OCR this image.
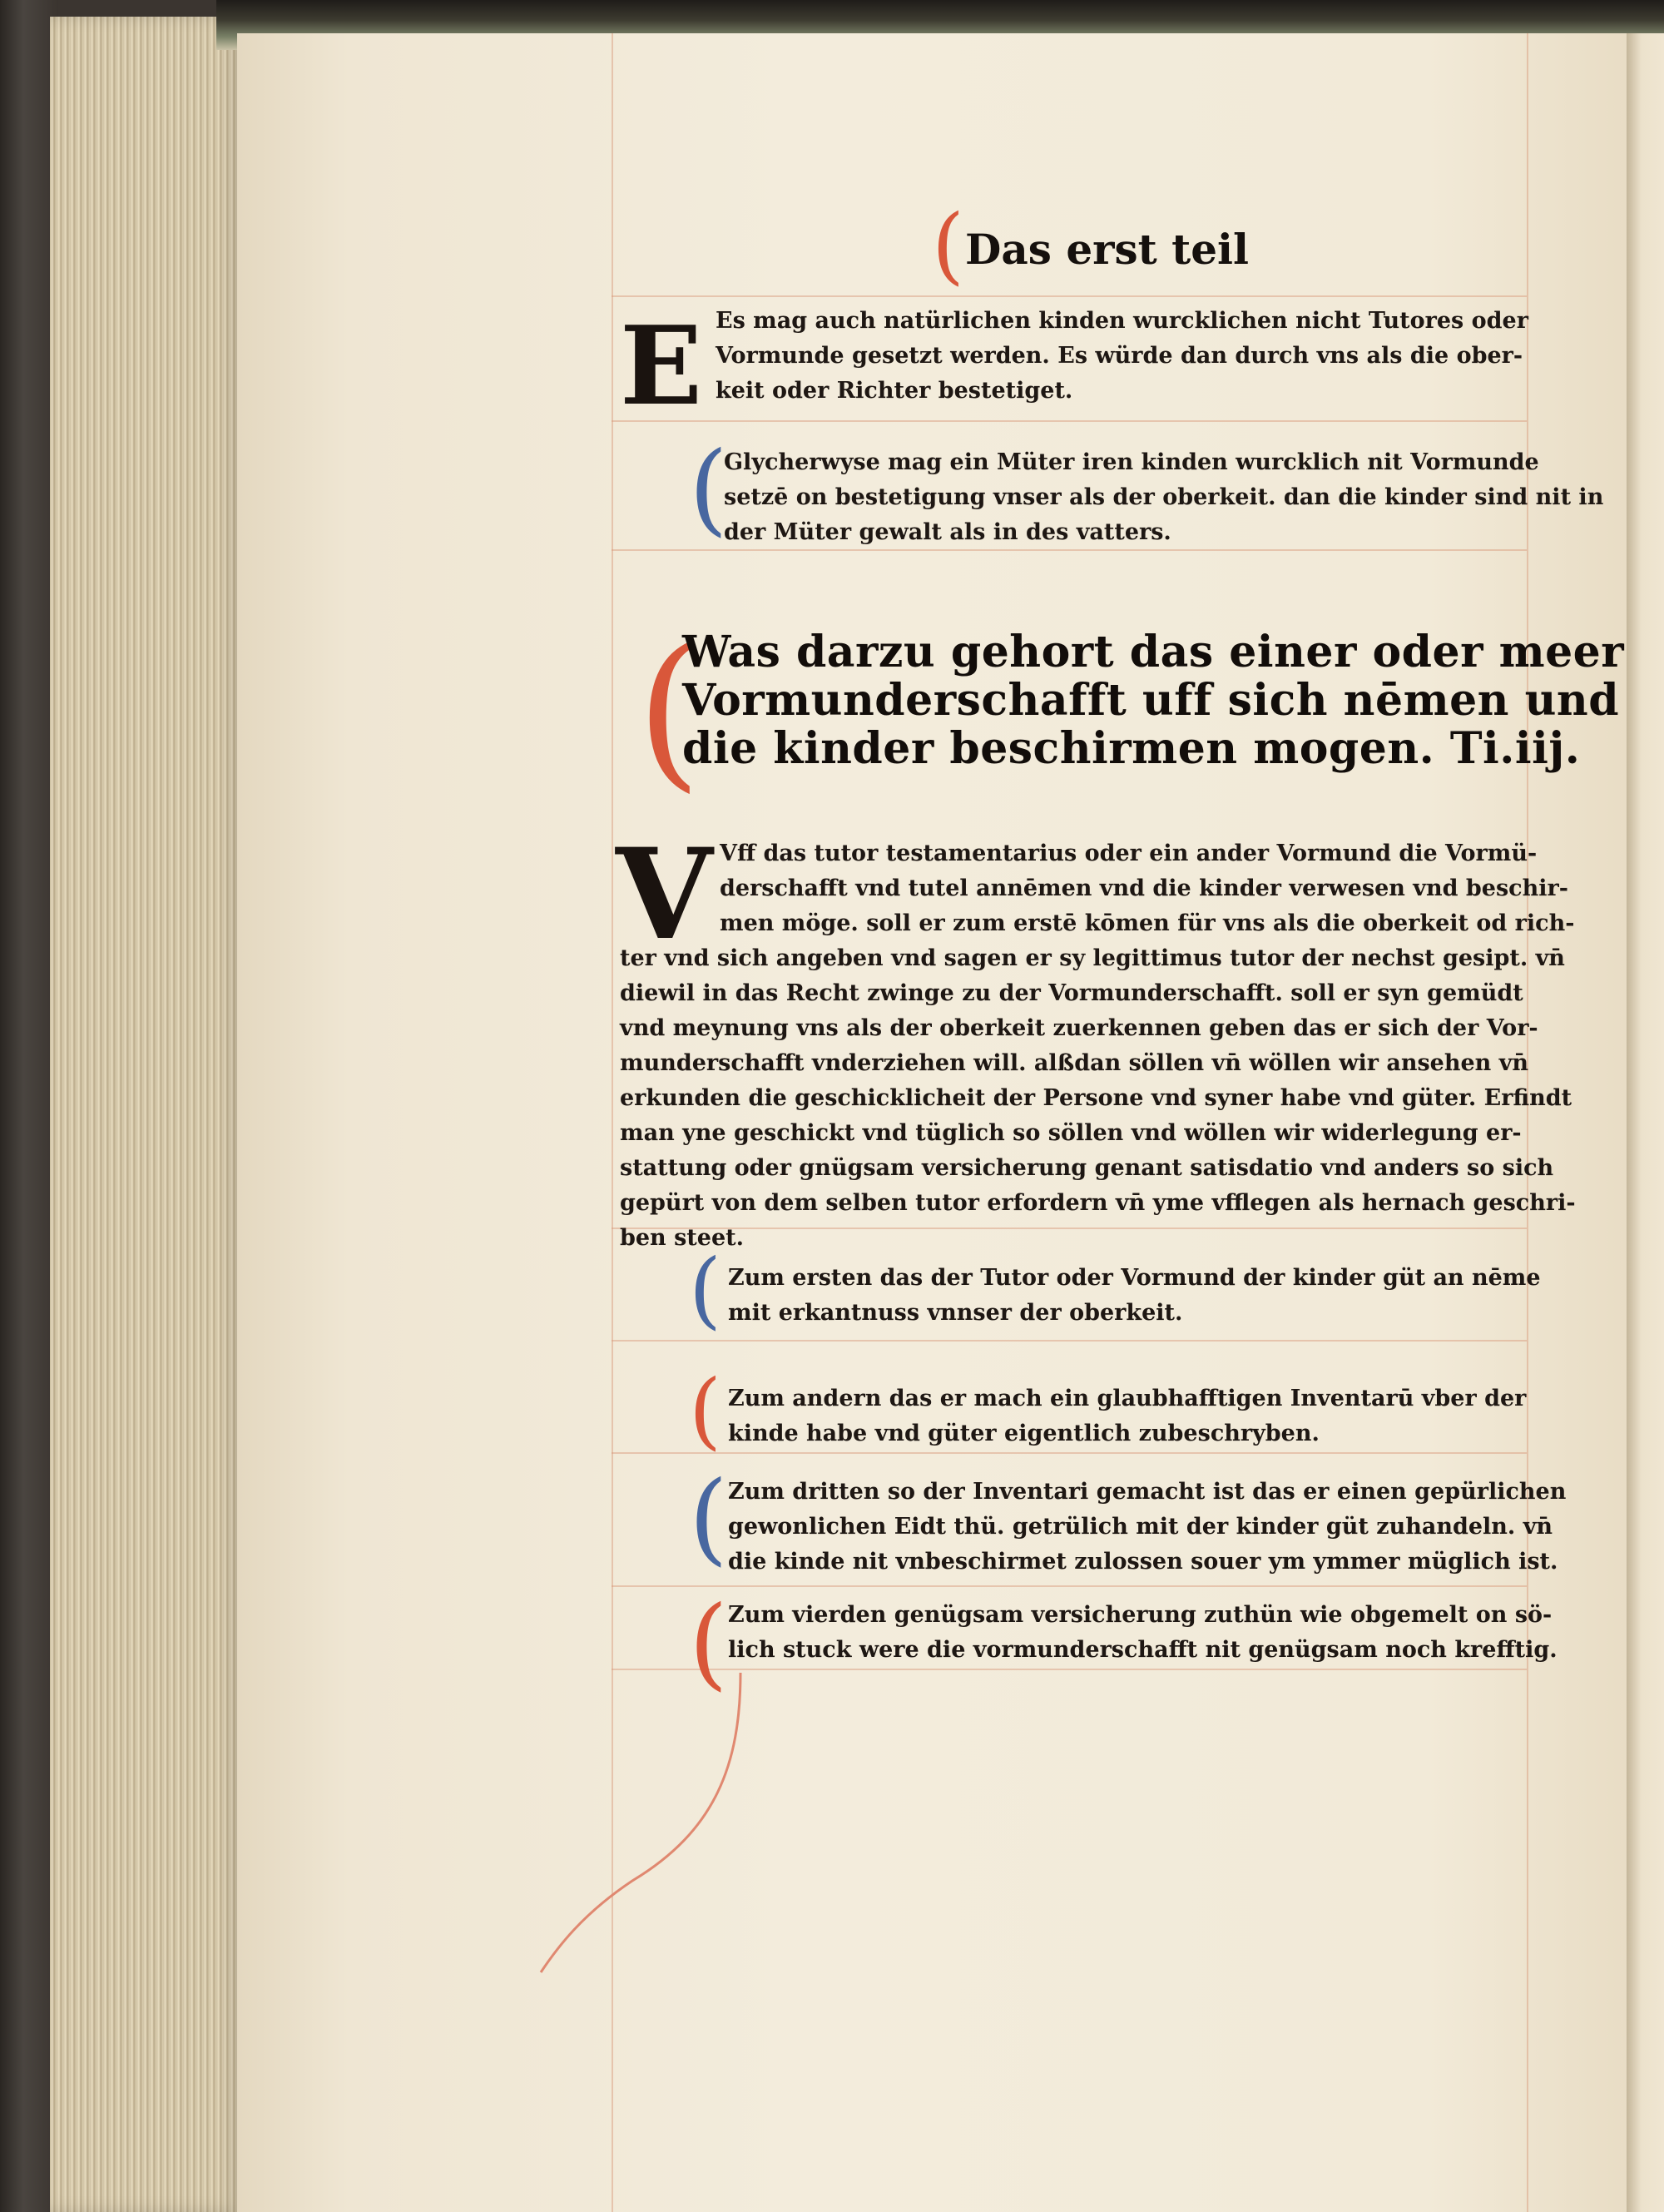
( Das erst teil
E Es mag auch natürlichen kinden wurcklichen nicht Tutores oder
Vormunde gesetzt werden. Es würde dan durch vns als die ober-
keit oder Richter bestetiget.
(
Glycherwyse mag ein Müter iren kinden wurcklich nit Vormunde
setzē on bestetigung vnser als der oberkeit. dan die kinder sind nit in
der Müter gewalt als in des vatters.
(
Was darzu gehort das einer oder meer
Vormunderschafft uff sich nēmen und
die kinder beschirmen mogen. Ti.iij.
V Vff das tutor testamentarius oder ein ander Vormund die Vormü-
derschafft vnd tutel annēmen vnd die kinder verwesen vnd beschir-
men möge. soll er zum erstē kōmen für vns als die oberkeit od rich-
ter vnd sich angeben vnd sagen er sy legittimus tutor der nechst gesipt. vn̄
diewil in das Recht zwinge zu der Vormunderschafft. soll er syn gemüdt
vnd meynung vns als der oberkeit zuerkennen geben das er sich der Vor-
munderschafft vnderziehen will. alßdan söllen vn̄ wöllen wir ansehen vn̄
erkunden die geschicklicheit der Persone vnd syner habe vnd güter. Erfindt
man yne geschickt vnd tüglich so söllen vnd wöllen wir widerlegung er-
stattung oder gnügsam versicherung genant satisdatio vnd anders so sich
gepürt von dem selben tutor erfordern vn̄ yme vfflegen als hernach geschri-
ben steet.
( Zum ersten das der Tutor oder Vormund der kinder güt an nēme
mit erkantnuss vnnser der oberkeit.
( Zum andern das er mach ein glaubhafftigen Inventarū vber der
kinde habe vnd güter eigentlich zubeschryben.
( Zum dritten so der Inventari gemacht ist das er einen gepürlichen
gewonlichen Eidt thü. getrülich mit der kinder güt zuhandeln. vn̄
die kinde nit vnbeschirmet zulossen souer ym ymmer müglich ist.
( Zum vierden genügsam versicherung zuthün wie obgemelt on sö-
lich stuck were die vormunderschafft nit genügsam noch krefftig.
